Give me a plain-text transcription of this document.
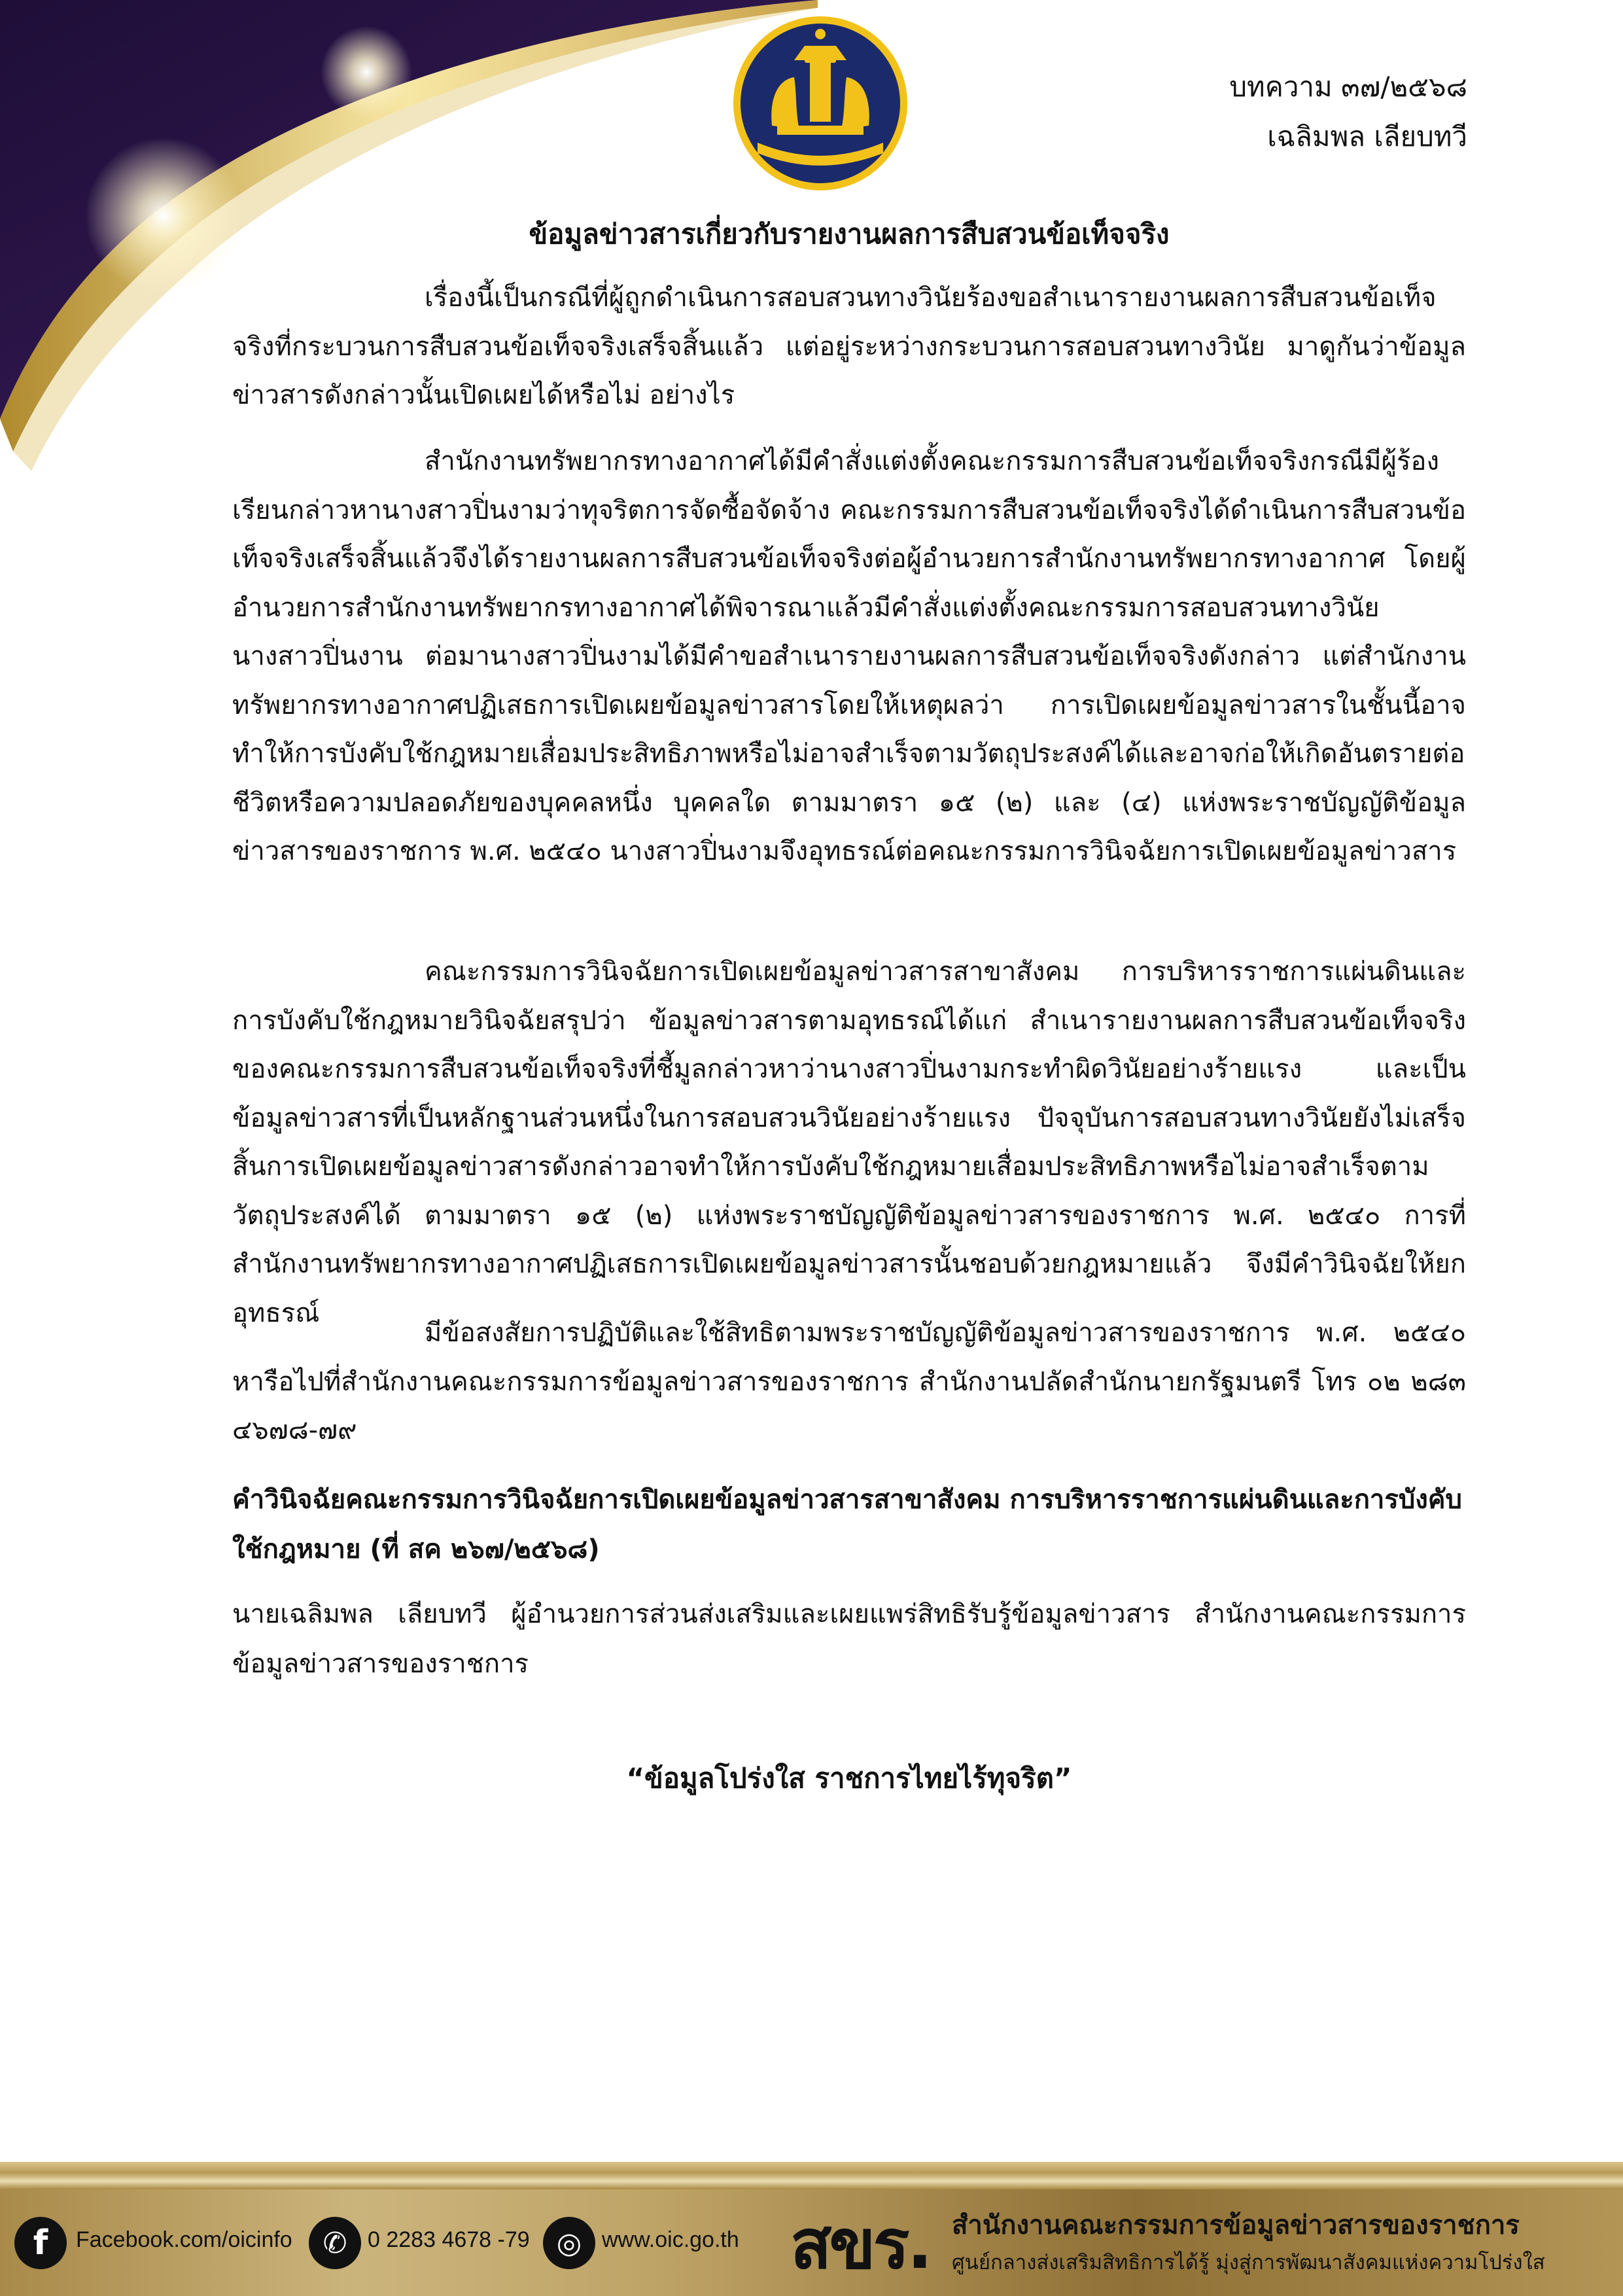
บทความ ๓๗/๒๕๖๘
เฉลิมพล เลียบทวี
ข้อมูลข่าวสารเกี่ยวกับรายงานผลการสืบสวนข้อเท็จจริง

เรื่องนี้เป็นกรณีที่ผู้ถูกดำเนินการสอบสวนทางวินัยร้องขอสำเนารายงานผลการสืบสวนข้อเท็จจริงที่กระบวนการสืบสวนข้อเท็จจริงเสร็จสิ้นแล้ว แต่อยู่ระหว่างกระบวนการสอบสวนทางวินัย มาดูกันว่าข้อมูลข่าวสารดังกล่าวนั้นเปิดเผยได้หรือไม่ อย่างไร

สำนักงานทรัพยากรทางอากาศได้มีคำสั่งแต่งตั้งคณะกรรมการสืบสวนข้อเท็จจริงกรณีมีผู้ร้องเรียนกล่าวหานางสาวปิ่นงามว่าทุจริตการจัดซื้อจัดจ้าง คณะกรรมการสืบสวนข้อเท็จจริงได้ดำเนินการสืบสวนข้อเท็จจริงเสร็จสิ้นแล้วจึงได้รายงานผลการสืบสวนข้อเท็จจริงต่อผู้อำนวยการสำนักงานทรัพยากรทางอากาศ โดยผู้อำนวยการสำนักงานทรัพยากรทางอากาศได้พิจารณาแล้วมีคำสั่งแต่งตั้งคณะกรรมการสอบสวนทางวินัยนางสาวปิ่นงาน ต่อมานางสาวปิ่นงามได้มีคำขอสำเนารายงานผลการสืบสวนข้อเท็จจริงดังกล่าว แต่สำนักงานทรัพยากรทางอากาศปฏิเสธการเปิดเผยข้อมูลข่าวสารโดยให้เหตุผลว่า การเปิดเผยข้อมูลข่าวสารในชั้นนี้อาจทำให้การบังคับใช้กฎหมายเสื่อมประสิทธิภาพหรือไม่อาจสำเร็จตามวัตถุประสงค์ได้และอาจก่อให้เกิดอันตรายต่อชีวิตหรือความปลอดภัยของบุคคลหนึ่ง บุคคลใด ตามมาตรา ๑๕ (๒) และ (๔) แห่งพระราชบัญญัติข้อมูลข่าวสารของราชการ พ.ศ. ๒๕๔๐ นางสาวปิ่นงามจึงอุทธรณ์ต่อคณะกรรมการวินิจฉัยการเปิดเผยข้อมูลข่าวสาร

คณะกรรมการวินิจฉัยการเปิดเผยข้อมูลข่าวสารสาขาสังคม การบริหารราชการแผ่นดินและการบังคับใช้กฎหมายวินิจฉัยสรุปว่า ข้อมูลข่าวสารตามอุทธรณ์ได้แก่ สำเนารายงานผลการสืบสวนข้อเท็จจริงของคณะกรรมการสืบสวนข้อเท็จจริงที่ชี้มูลกล่าวหาว่านางสาวปิ่นงามกระทำผิดวินัยอย่างร้ายแรง และเป็นข้อมูลข่าวสารที่เป็นหลักฐานส่วนหนึ่งในการสอบสวนวินัยอย่างร้ายแรง ปัจจุบันการสอบสวนทางวินัยยังไม่เสร็จสิ้นการเปิดเผยข้อมูลข่าวสารดังกล่าวอาจทำให้การบังคับใช้กฎหมายเสื่อมประสิทธิภาพหรือไม่อาจสำเร็จตามวัตถุประสงค์ได้ ตามมาตรา ๑๕ (๒) แห่งพระราชบัญญัติข้อมูลข่าวสารของราชการ พ.ศ. ๒๕๔๐ การที่สำนักงานทรัพยากรทางอากาศปฏิเสธการเปิดเผยข้อมูลข่าวสารนั้นชอบด้วยกฎหมายแล้ว จึงมีคำวินิจฉัยให้ยกอุทธรณ์

มีข้อสงสัยการปฏิบัติและใช้สิทธิตามพระราชบัญญัติข้อมูลข่าวสารของราชการ พ.ศ. ๒๕๔๐ หารือไปที่สำนักงานคณะกรรมการข้อมูลข่าวสารของราชการ สำนักงานปลัดสำนักนายกรัฐมนตรี โทร ๐๒ ๒๘๓ ๔๖๗๘-๗๙

คำวินิจฉัยคณะกรรมการวินิจฉัยการเปิดเผยข้อมูลข่าวสารสาขาสังคม การบริหารราชการแผ่นดินและการบังคับใช้กฎหมาย (ที่ สค ๒๖๗/๒๕๖๘)

นายเฉลิมพล เลียบทวี ผู้อำนวยการส่วนส่งเสริมและเผยแพร่สิทธิรับรู้ข้อมูลข่าวสาร สำนักงานคณะกรรมการข้อมูลข่าวสารของราชการ

“ข้อมูลโปร่งใส ราชการไทยไร้ทุจริต”

f	Facebook.com/oicinfo	✆ 0 2283 4678 -79 ◎ www.oic.go.th สขร. สำนักงานคณะกรรมการข้อมูลข่าวสารของราชการ
ศูนย์กลางส่งเสริมสิทธิการได้รู้ มุ่งสู่การพัฒนาสังคมแห่งความโปร่งใส
